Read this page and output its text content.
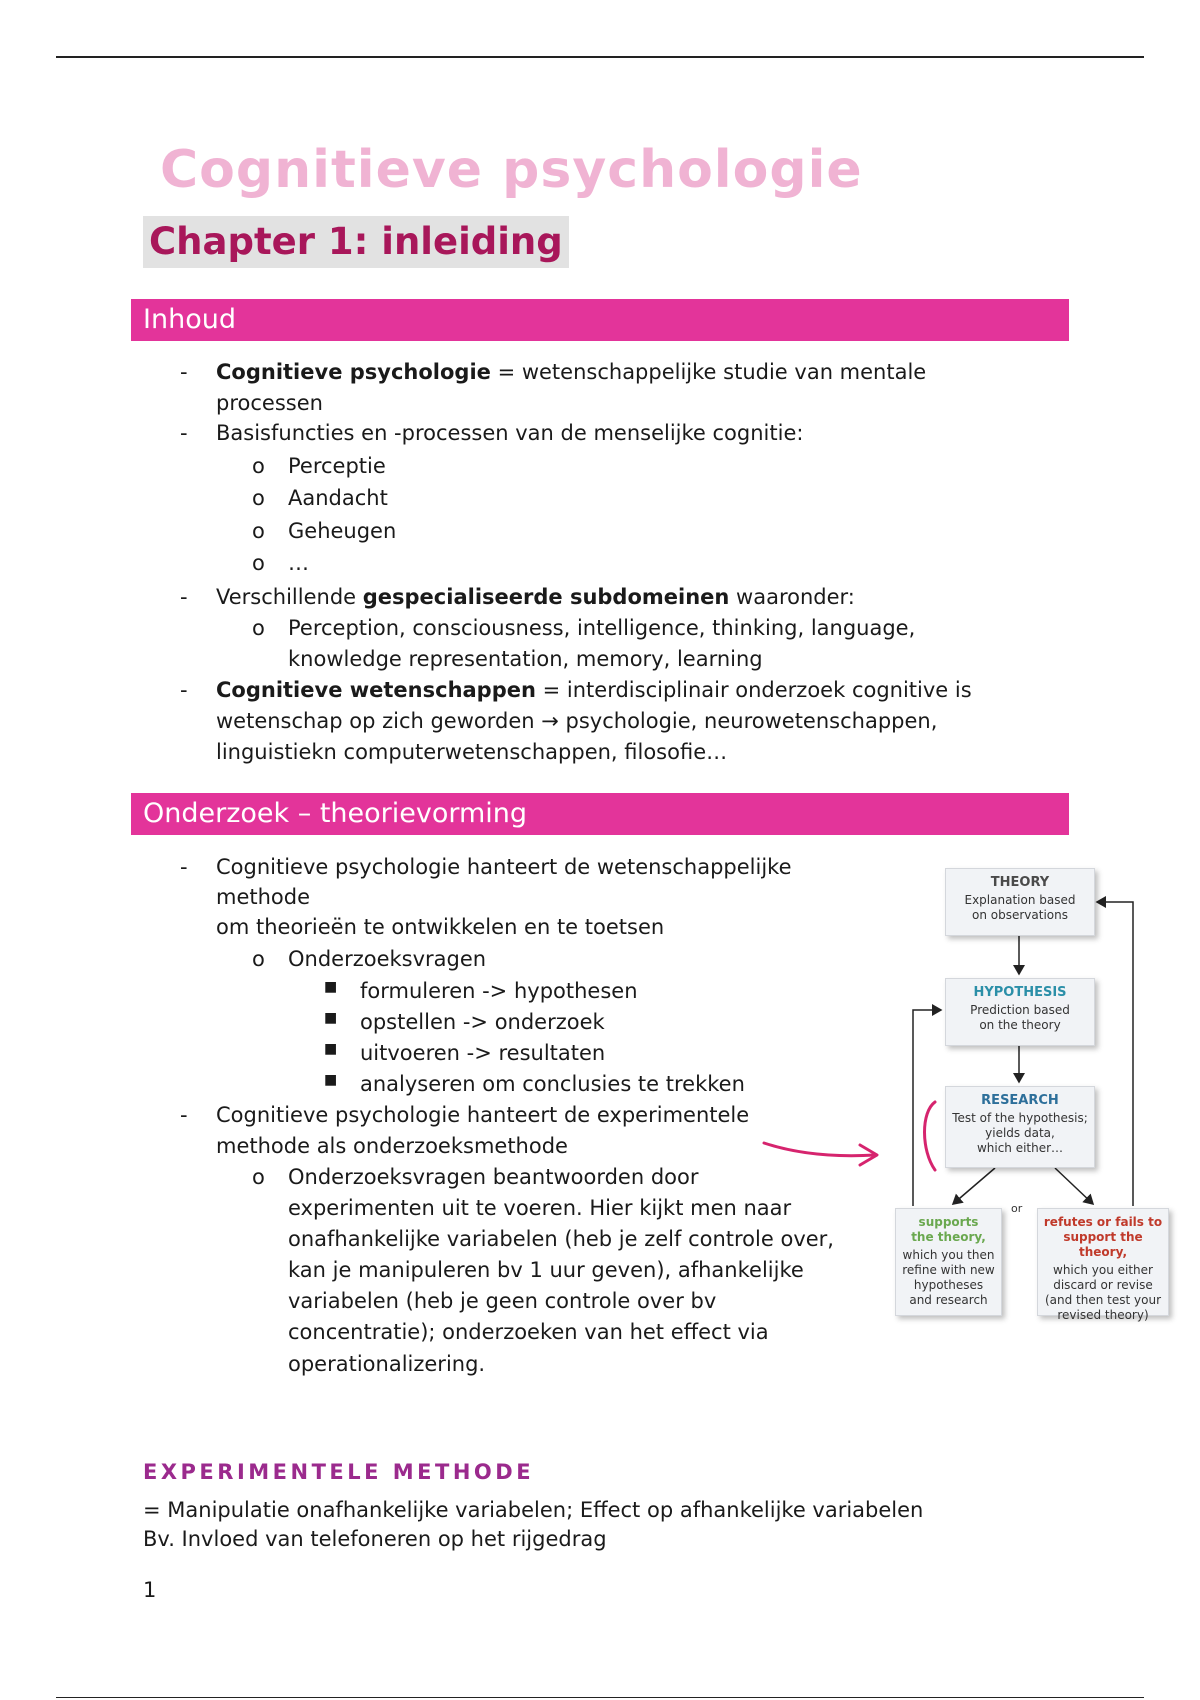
Cognitieve psychologie
Chapter 1: inleiding
Inhoud
- Cognitieve psychologie = wetenschappelijke studie van mentale
processen
- Basisfuncties en -processen van de menselijke cognitie:
o Perceptie
o Aandacht
o Geheugen
o …
- Verschillende gespecialiseerde subdomeinen waaronder:
o Perception, consciousness, intelligence, thinking, language,
knowledge representation, memory, learning
- Cognitieve wetenschappen = interdisciplinair onderzoek cognitive is
wetenschap op zich geworden → psychologie, neurowetenschappen,
linguistiekn computerwetenschappen, filosofie…
Onderzoek – theorievorming
- Cognitieve psychologie hanteert de wetenschappelijke
methode
om theorieën te ontwikkelen en te toetsen
o Onderzoeksvragen
■ formuleren -> hypothesen
■ opstellen -> onderzoek
■ uitvoeren -> resultaten
■ analyseren om conclusies te trekken
- Cognitieve psychologie hanteert de experimentele
methode als onderzoeksmethode
o Onderzoeksvragen beantwoorden door
experimenten uit te voeren. Hier kijkt men naar
onafhankelijke variabelen (heb je zelf controle over,
kan je manipuleren bv 1 uur geven), afhankelijke
variabelen (heb je geen controle over bv
concentratie); onderzoeken van het effect via
operationalizering.
THEORY
Explanation based
on observations
HYPOTHESIS
Prediction based
on the theory
RESEARCH
Test of the hypothesis;
yields data,
which either…
or
supports
the theory,
which you then
refine with new
hypotheses
and research
refutes or fails to
support the theory,
which you either
discard or revise
(and then test your
revised theory)
EXPERIMENTELE METHODE
= Manipulatie onafhankelijke variabelen; Effect op afhankelijke variabelen
Bv. Invloed van telefoneren op het rijgedrag
1
